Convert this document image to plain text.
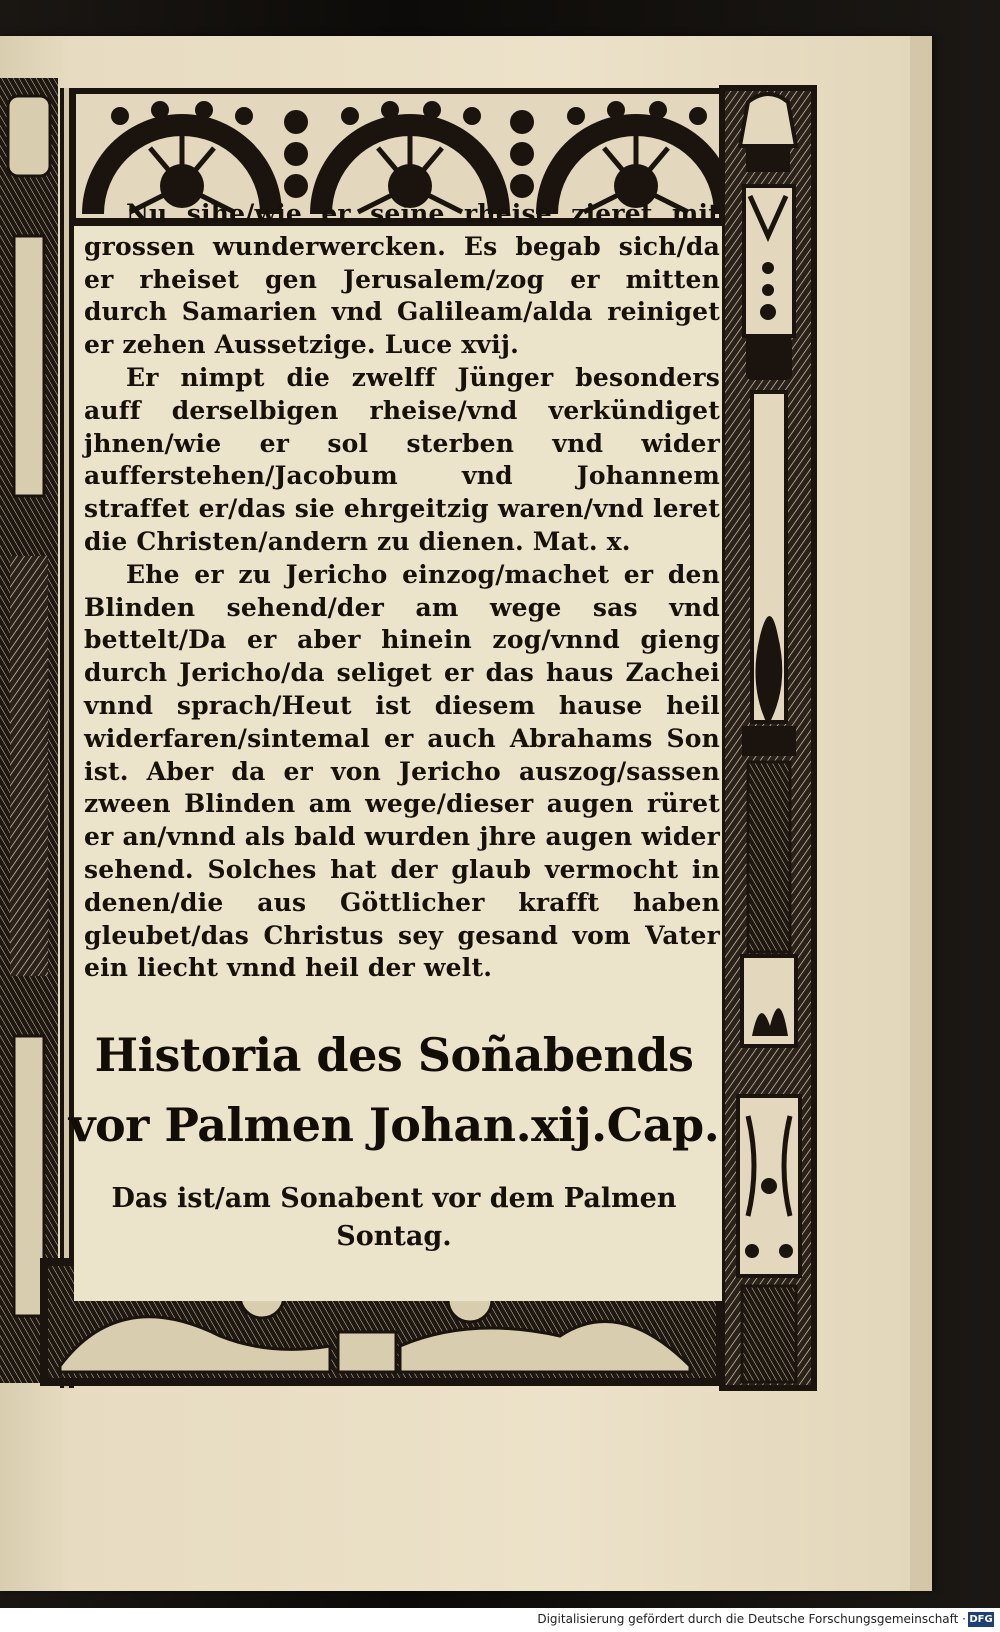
Nu sihe/wie er seine rheise zieret mit grossen wunderwercken. Es begab sich/da er rheiset gen Jerusalem/zog er mitten durch Samarien vnd Galileam/alda reiniget er zehen Aussetzige. Luce xvij.

Er nimpt die zwelff Jünger besonders auff derselbigen rheise/vnd verkündiget jhnen/wie er sol sterben vnd wider aufferstehen/Jacobum vnd Johannem straffet er/das sie ehrgeitzig waren/vnd leret die Christen/andern zu dienen. Mat. x.

Ehe er zu Jericho einzog/machet er den Blinden sehend/der am wege sas vnd bettelt/Da er aber hinein zog/vnnd gieng durch Jericho/da seliget er das haus Zachei vnnd sprach/Heut ist diesem hause heil widerfaren/sintemal er auch Abrahams Son ist. Aber da er von Jericho auszog/sassen zween Blinden am wege/dieser augen rüret er an/vnnd als bald wurden jhre augen wider sehend. Solches hat der glaub vermocht in denen/die aus Göttlicher krafft haben gleubet/das Christus sey gesand vom Vater ein liecht vnnd heil der welt.

Historia des Soñabends
vor Palmen Johan.xij.Cap.
Das ist/am Sonabent vor dem Palmen Sontag.
Digitalisierung gefördert durch die Deutsche Forschungsgemeinschaft · DFG
